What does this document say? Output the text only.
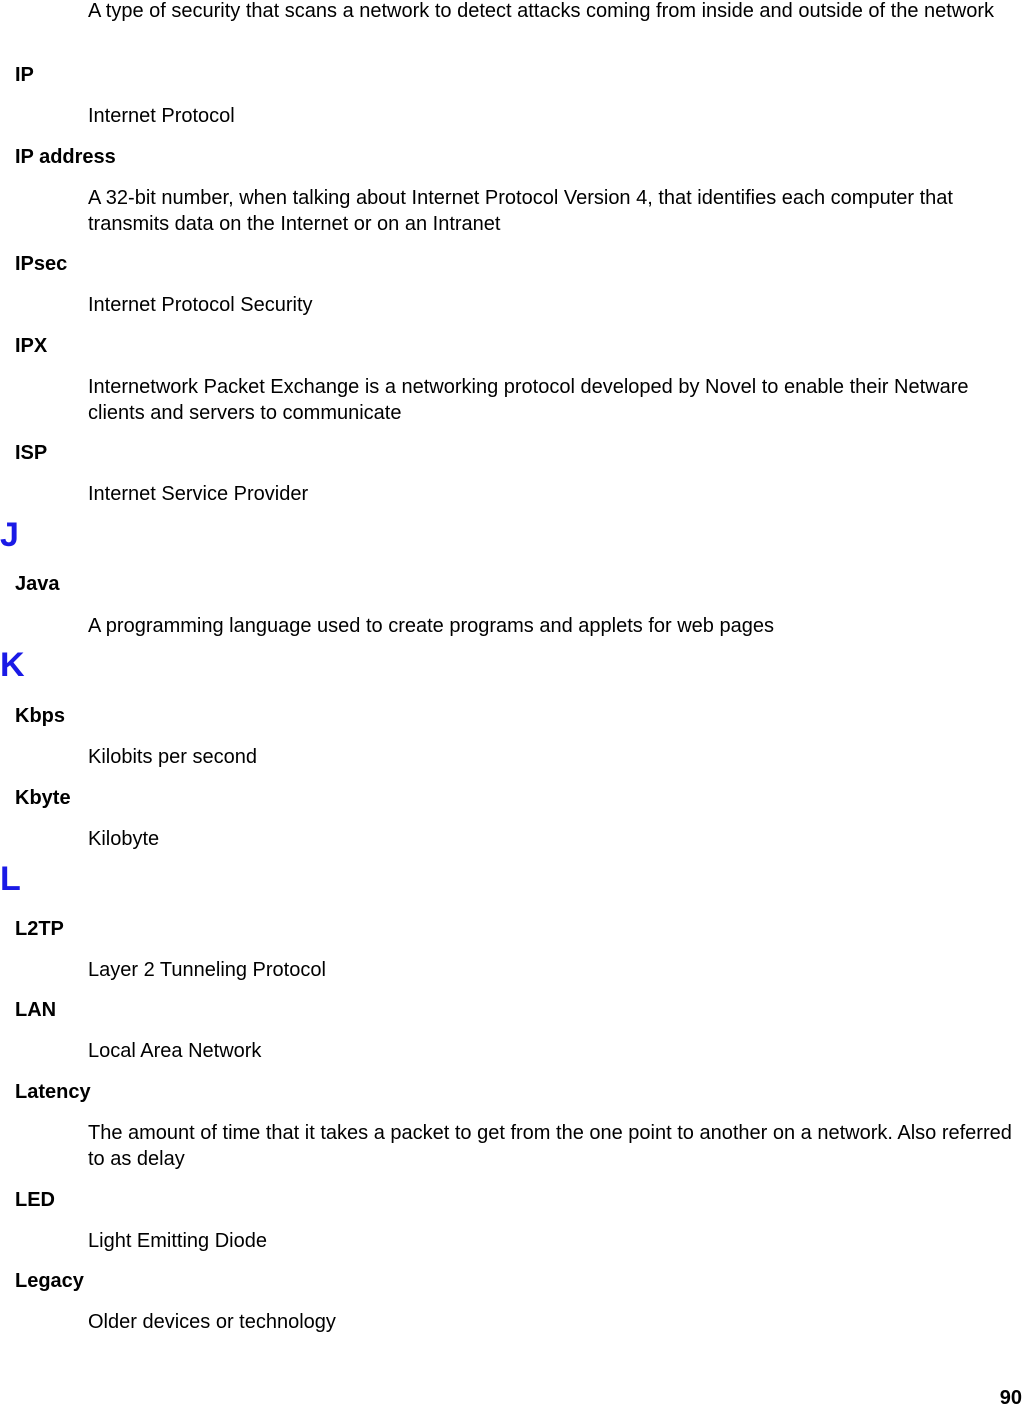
A type of security that scans a network to detect attacks coming from inside and outside of the network
IP
Internet Protocol
IP address
A 32-bit number, when talking about Internet Protocol Version 4, that identifies each computer that transmits data on the Internet or on an Intranet
IPsec
Internet Protocol Security
IPX
Internetwork Packet Exchange is a networking protocol developed by Novel to enable their Netware clients and servers to communicate
ISP
Internet Service Provider
J
Java
A programming language used to create programs and applets for web pages
K
Kbps
Kilobits per second
Kbyte
Kilobyte
L
L2TP
Layer 2 Tunneling Protocol
LAN
Local Area Network
Latency
The amount of time that it takes a packet to get from the one point to another on a network. Also referred to as delay
LED
Light Emitting Diode
Legacy
Older devices or technology
90
